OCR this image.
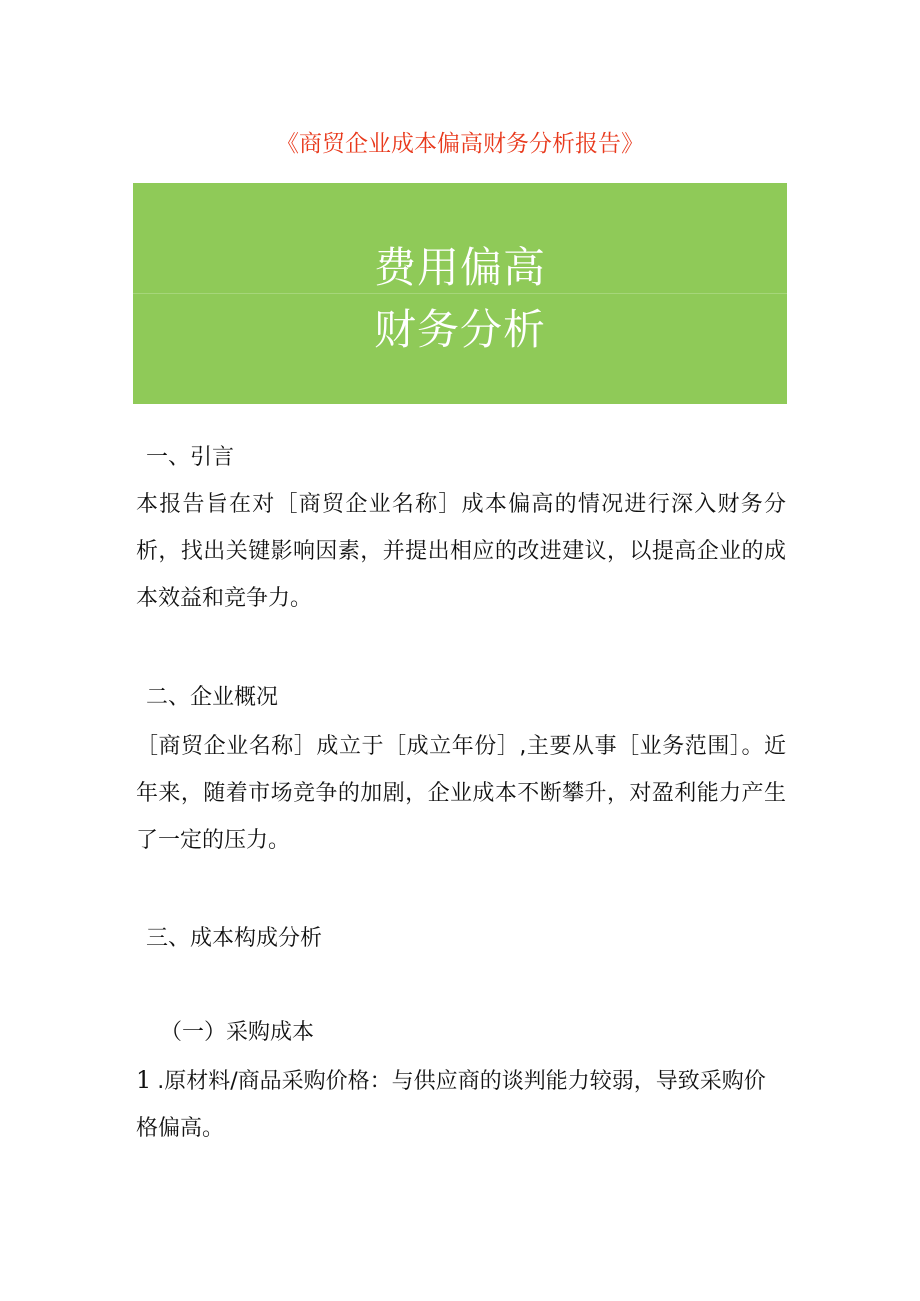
《商贸企业成本偏高财务分析报告》
费用偏高
财务分析
一、引言
本报告旨在对［商贸企业名称］成本偏高的情况进行深入财务分析，找出关键影响因素，并提出相应的改进建议，以提高企业的成本效益和竞争力。
二、企业概况
［商贸企业名称］成立于［成立年份］,主要从事［业务范围］。近年来，随着市场竞争的加剧，企业成本不断攀升，对盈利能力产生了一定的压力。
三、成本构成分析
（一）采购成本
1 .原材料/商品采购价格：与供应商的谈判能力较弱，导致采购价格偏高。
